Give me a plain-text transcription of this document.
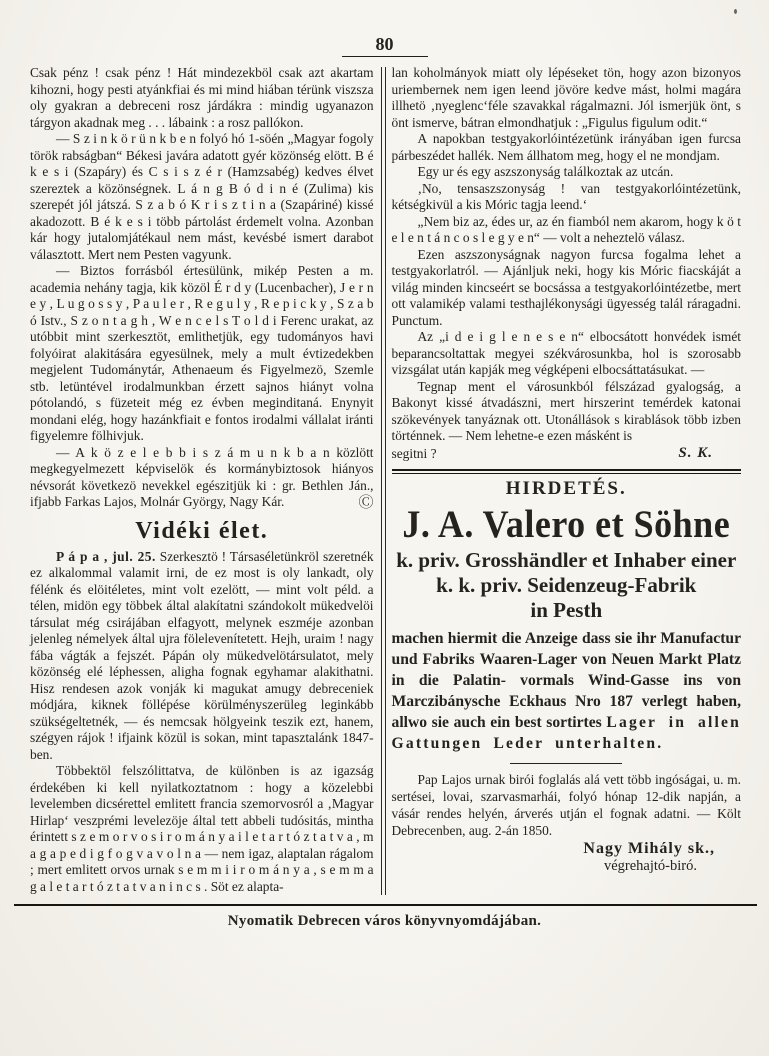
80

Csak pénz ! csak pénz ! Hát mindezekböl csak azt akartam kihozni, hogy pesti atyánkfiai és mi mind hiában térünk viszsza oly gyakran a debreceni rosz járdákra : mindig ugyanazon tárgyon akadnak meg . . . lábaink : a rosz pallókon.

— S z i n k ö r ü n k b e n folyó hó 1-söén „Magyar fogoly török rabságban“ Békesi javára adatott gyér közönség elött. B é k e s i (Szapáry) és C s i s z é r (Hamzsabég) kedves élvet szereztek a közönségnek. L á n g B ó d i n é (Zulima) kis szerepét jól játszá. S z a b ó K r i s z t i n a (Szapáriné) kissé akadozott. B é k e s i több pártolást érdemelt volna. Azonban kár hogy jutalomjátékaul nem mást, kevésbé ismert darabot választott. Mert nem Pesten vagyunk.

— Biztos forrásból értesülünk, mikép Pesten a m. academia nehány tagja, kik közöl É r d y (Lucenbacher), J e r n e y , L u g o s s y , P a u l e r , R e g u l y , R e p i c k y , S z a b ó Istv., S z o n t a g h , W e n c e l s T o l d i Ferenc urakat, az utóbbit mint szerkesztöt, emlithetjük, egy tudományos havi folyóirat alakitására egyesülnek, mely a mult évtizedekben megjelent Tudománytár, Athenaeum és Figyelmezö, Szemle stb. letüntével irodalmunkban érzett sajnos hiányt volna pótolandó, s füzeteit még ez évben meginditaná. Enynyit mondani elég, hogy hazánkfiait e fontos irodalmi vállalat iránti figyelemre fölhivjuk.

— A k ö z e l e b b i s z á m u n k b a n közlött megkegyelmezett képviselök és kormánybiztosok hiányos névsorát következö nevekkel egészitjük ki : gr. Bethlen Ján., ifjabb Farkas Lajos, Molnár György, Nagy Kár.	Ⓒ

Vidéki élet.

P á p a , jul. 25. Szerkesztö ! Társaséletünkröl szeretnék ez alkalommal valamit irni, de ez most is oly lankadt, oly félénk és elöitéletes, mint volt ezelött, — mint volt péld. a télen, midön egy többek által alakítatni szándokolt mükedvelöi társulat még csirájában elfagyott, melynek eszméje azonban jelenleg némelyek által ujra fölelevenítetett. Hejh, uraim ! nagy fába vágták a fejszét. Pápán oly mükedvelötársulatot, mely közönség elé léphessen, aligha fognak egyhamar alakithatni. Hisz rendesen azok vonják ki magukat amugy debreceniek módjára, kiknek föllépése körülményszerüleg leginkább szükségeltetnék, — és nemcsak hölgyeink teszik ezt, hanem, szégyen rájok ! ifjaink közül is sokan, mint tapasztalánk 1847-ben.

Többektöl felszólittatva, de különben is az igazság érdekében ki kell nyilatkoztatnom : hogy a közelebbi levelemben dicsérettel emlitett francia szemorvosról a ‚Magyar Hirlap‘ veszprémi levelezöje által tett abbeli tudósitás, mintha érintett s z e m o r v o s i r o m á n y a i l e t a r t ó z t a t v a , m a g a p e d i g f o g v a v o l n a — nem igaz, alaptalan rágalom ; mert emlitett orvos urnak s e m m i i r o m á n y a , s e m m a g a l e t a r t ó z t a t v a n i n c s . Söt ez alapta-

lan koholmányok miatt oly lépéseket tön, hogy azon bizonyos uriembernek nem igen leend jövöre kedve mást, holmi magára illhetö ‚nyeglenc‘féle szavakkal rágalmazni. Jól ismerjük önt, s önt ismerve, bátran elmondhatjuk : „Figulus figulum odit.“

A napokban testgyakorlóintézetünk irányában igen furcsa párbeszédet hallék. Nem állhatom meg, hogy el ne mondjam.

Egy ur és egy aszszonyság találkoztak az utcán.

‚No, tensaszszonyság ! van testgyakorlóintézetünk, kétségkivül a kis Móric tagja leend.‘

„Nem biz az, édes ur, az én fiamból nem akarom, hogy k ö t e l e n t á n c o s l e g y e n“ — volt a neheztelö válasz.

Ezen aszszonyságnak nagyon furcsa fogalma lehet a testgyakorlatról. — Ajánljuk neki, hogy kis Móric fiacskáját a világ minden kincseért se bocsássa a testgyakorlóintézetbe, mert ott valamikép valami testhajlékonysági ügyesség talál ráragadni. Punctum.

Az „i d e i g l e n e s e n“ elbocsátott honvédek ismét beparancsoltattak megyei székvárosunkba, hol is szorosabb vizsgálat után kapják meg végképeni elbocsáttatásukat. —

Tegnap ment el városunkból félszázad gyalogság, a Bakonyt kissé átvadászni, mert hirszerint temérdek katonai szökevények tanyáznak ott. Utonállások s kirablások több izben történnek. — Nem lehetne-e ezen másként is

segitni ?	S. K.
HIRDETÉS.
J. A. Valero et Söhne
k. priv. Grosshändler et Inhaber einer
k. k. priv. Seidenzeug-Fabrik
in Pesth

machen hiermit die Anzeige dass sie ihr Manufactur und Fabriks Waaren-Lager von Neuen Markt Platz in die Palatin- vormals Wind-Gasse ins von Marczibánysche Eckhaus Nro 187 verlegt haben, allwo sie auch ein best sortirtes Lager in allen Gattungen Leder unterhalten.

Pap Lajos urnak birói foglalás alá vett több ingóságai, u. m. sertései, lovai, szarvasmarhái, folyó hónap 12-dik napján, a vásár rendes helyén, árverés utján el fognak adatni. — Költ Debrecenben, aug. 2-án 1850.

Nagy Mihály sk.,
végrehajtó-biró.
Nyomatik Debrecen város könyvnyomdájában.
